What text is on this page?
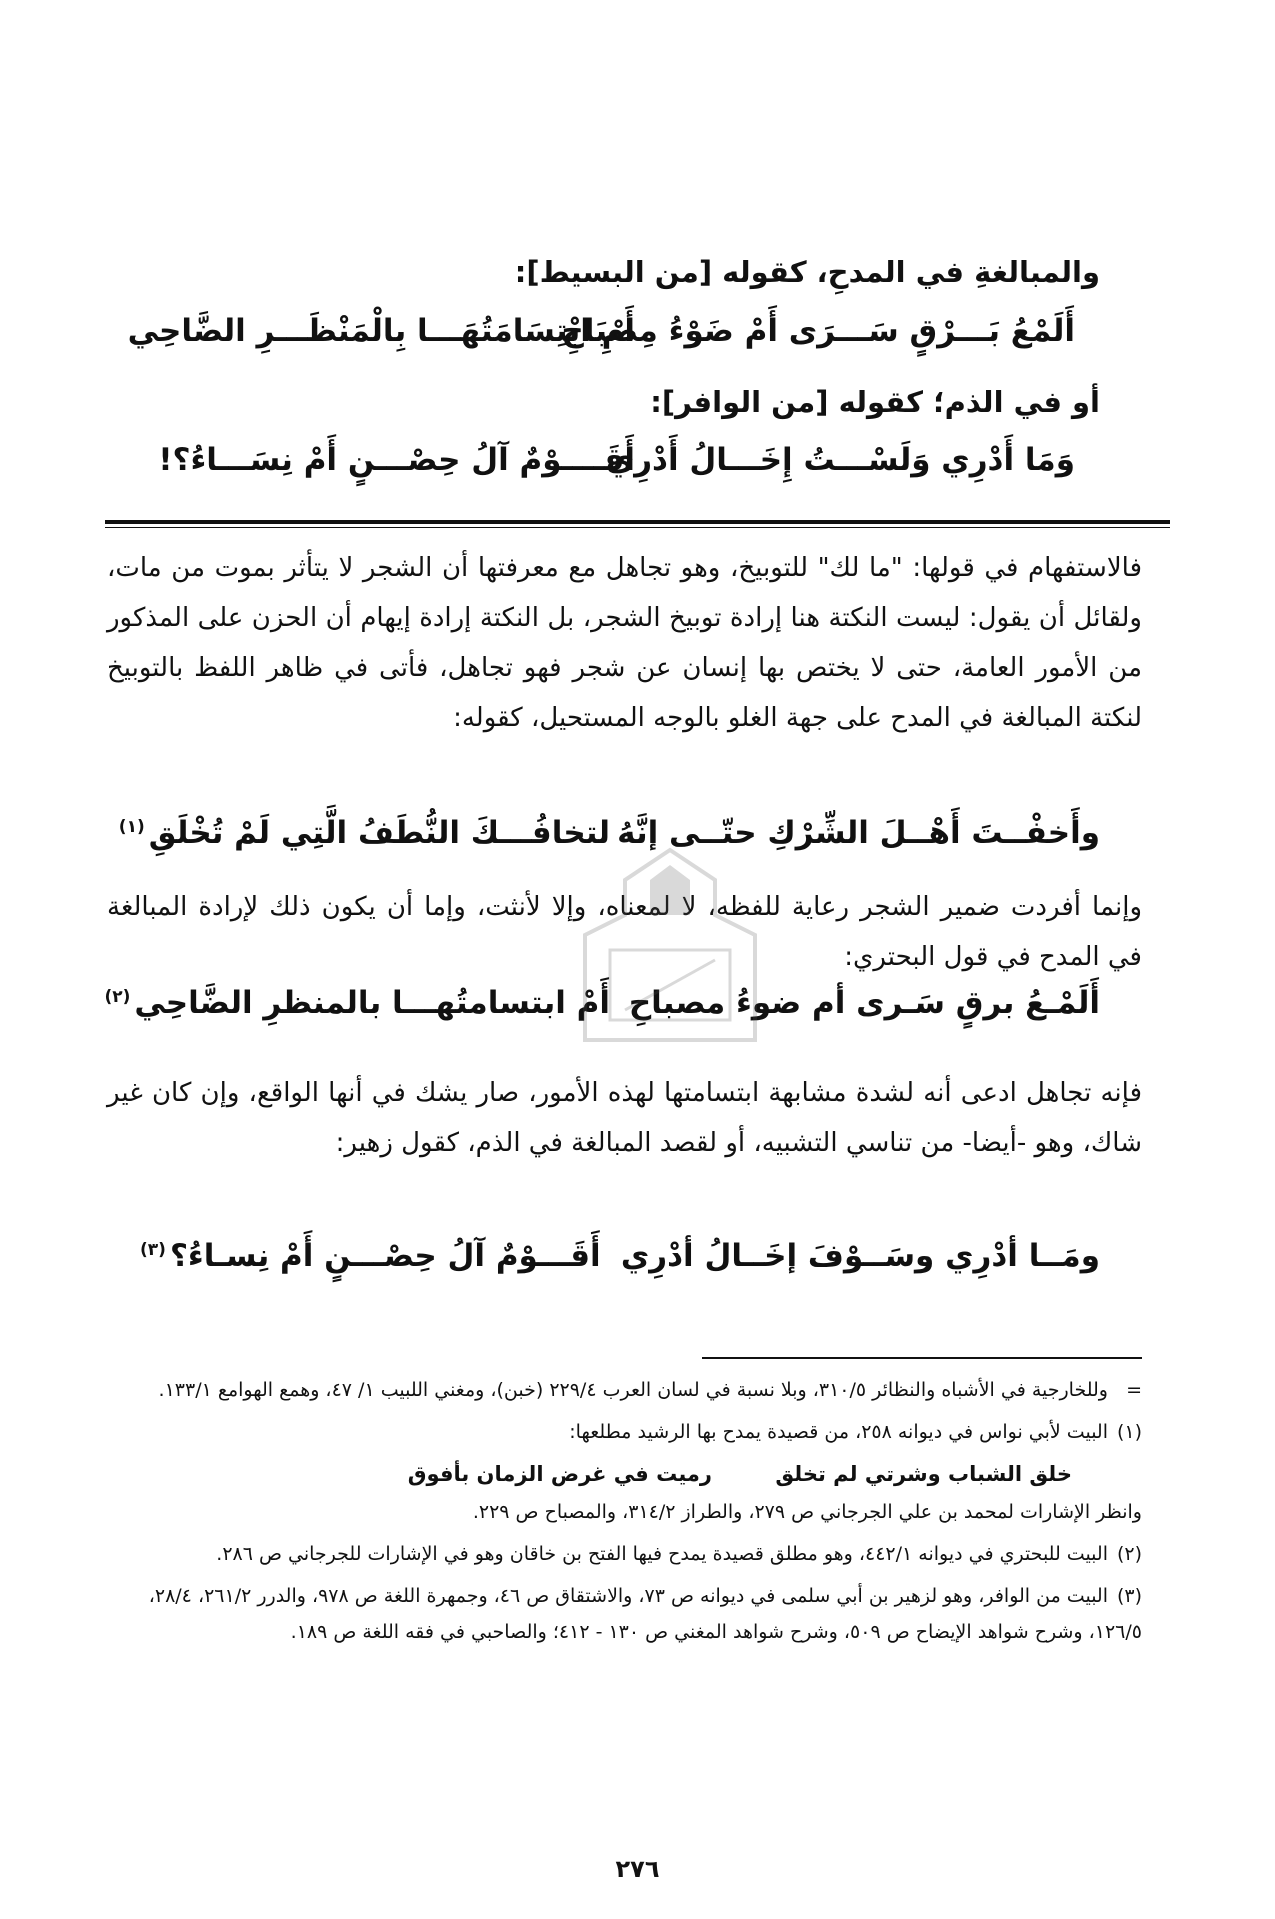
والمبالغةِ في المدحِ، كقوله [من البسيط]:
أَلَمْعُ بَـــرْقٍ سَـــرَى أَمْ ضَوْءُ مِصْبَاحِ
أَمِ ابْتِسَامَتُهَـــا بِالْمَنْظَـــرِ الضَّاحِي
أو في الذم؛ كقوله [من الوافر]:
وَمَا أَدْرِي وَلَسْـــتُ إِخَـــالُ أَدْرِي
أَقَــــوْمٌ آلُ حِصْـــنٍ أَمْ نِسَـــاءُ؟!

فالاستفهام في قولها: "ما لك" للتوبيخ، وهو تجاهل مع معرفتها أن الشجر لا يتأثر بموت من مات، ولقائل أن يقول: ليست النكتة هنا إرادة توبيخ الشجر، بل النكتة إرادة إيهام أن الحزن على المذكور من الأمور العامة، حتى لا يختص بها إنسان عن شجر فهو تجاهل، فأتى في ظاهر اللفظ بالتوبيخ لنكتة المبالغة في المدح على جهة الغلو بالوجه المستحيل، كقوله:

وأَخفْــتَ أَهْــلَ الشِّرْكِ حتّــى إنَّهُ
لتخافُـــكَ النُّطَفُ الَّتِي لَمْ تُخْلَقِ$^{(١)}$

وإنما أفردت ضمير الشجر رعاية للفظه، لا لمعناه، وإلا لأنثت، وإما أن يكون ذلك لإرادة المبالغة في المدح في قول البحتري:

أَلَمْـعُ برقٍ سَـرى أم ضوءُ مصباحِ
أَمْ ابتسامتُهـــا بالمنظرِ الضَّاحِي$^{(٢)}$

فإنه تجاهل ادعى أنه لشدة مشابهة ابتسامتها لهذه الأمور، صار يشك في أنها الواقع، وإن كان غير شاك، وهو -أيضا- من تناسي التشبيه، أو لقصد المبالغة في الذم، كقول زهير:

ومَــا أدْرِي وسَــوْفَ إخَــالُ أدْرِي
أَقَـــوْمٌ آلُ حِصْـــنٍ أَمْ نِسـاءُ؟$^{(٣)}$

=وللخارجية في الأشباه والنظائر ٣١٠/٥، وبلا نسبة في لسان العرب ٢٢٩/٤ (خبن)، ومغني اللبيب ١/ ٤٧، وهمع الهوامع ١٣٣/١.

(١)البيت لأبي نواس في ديوانه ٢٥٨، من قصيدة يمدح بها الرشيد مطلعها:

خلق الشباب وشرتي لم تخلق
رميت في غرض الزمان بأفوق

وانظر الإشارات لمحمد بن علي الجرجاني ص ٢٧٩، والطراز ٣١٤/٢، والمصباح ص ٢٢٩.

(٢)البيت للبحتري في ديوانه ٤٤٢/١، وهو مطلق قصيدة يمدح فيها الفتح بن خاقان وهو في الإشارات للجرجاني ص ٢٨٦.

(٣)البيت من الوافر، وهو لزهير بن أبي سلمى في ديوانه ص ٧٣، والاشتقاق ص ٤٦، وجمهرة اللغة ص ٩٧٨، والدرر ٢٦١/٢، ٢٨/٤، ١٢٦/٥، وشرح شواهد الإيضاح ص ٥٠٩، وشرح شواهد المغني ص ١٣٠ - ٤١٢؛ والصاحبي في فقه اللغة ص ١٨٩.

٢٧٦
